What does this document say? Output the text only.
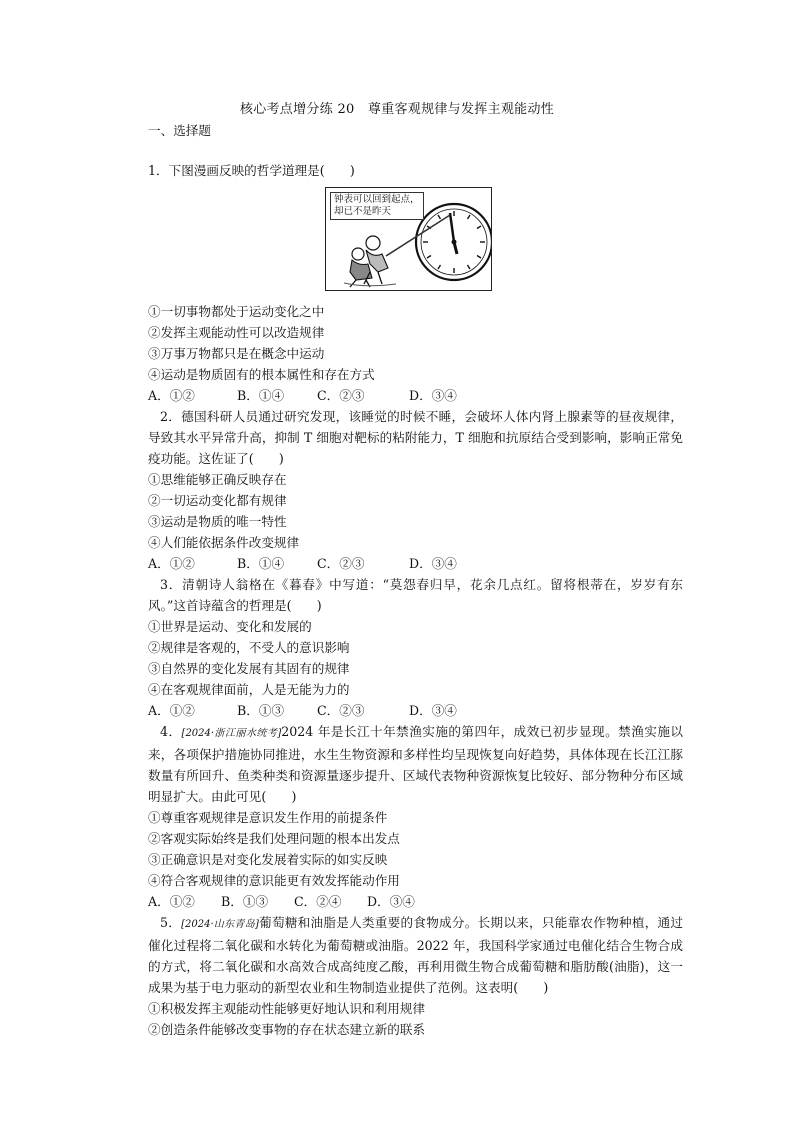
核心考点增分练 20　尊重客观规律与发挥主观能动性
一、选择题

1．下图漫画反映的哲学道理是(　　)

钟表可以回到起点，
却已不是昨天

①一切事物都处于运动变化之中

②发挥主观能动性可以改造规律

③万事万物都只是在概念中运动

④运动是物质固有的根本属性和存在方式

A．①②	B．①④	C．②③	D．③④

2．德国科研人员通过研究发现，该睡觉的时候不睡，会破坏人体内肾上腺素等的昼夜规律，导致其水平异常升高，抑制 T 细胞对靶标的粘附能力，T 细胞和抗原结合受到影响，影响正常免疫功能。这佐证了(　　)

①思维能够正确反映存在

②一切运动变化都有规律

③运动是物质的唯一特性

④人们能依据条件改变规律

A．①②	B．①④	C．②③	D．③④

3．清朝诗人翁格在《暮春》中写道：“莫怨春归早，花余几点红。留将根蒂在，岁岁有东风。”这首诗蕴含的哲理是(　　)

①世界是运动、变化和发展的

②规律是客观的，不受人的意识影响

③自然界的变化发展有其固有的规律

④在客观规律面前，人是无能为力的

A．①②	B．①③	C．②③	D．③④

4．[2024·浙江丽水统考]2024 年是长江十年禁渔实施的第四年，成效已初步显现。禁渔实施以来，各项保护措施协同推进，水生生物资源和多样性均呈现恢复向好趋势，具体体现在长江江豚数量有所回升、鱼类种类和资源量逐步提升、区域代表物种资源恢复比较好、部分物种分布区域明显扩大。由此可见(　　)

①尊重客观规律是意识发生作用的前提条件

②客观实际始终是我们处理问题的根本出发点

③正确意识是对变化发展着实际的如实反映

④符合客观规律的意识能更有效发挥能动作用

A．①②	B．①③	C．②④	D．③④

5．[2024·山东青岛]葡萄糖和油脂是人类重要的食物成分。长期以来，只能靠农作物种植，通过催化过程将二氧化碳和水转化为葡萄糖或油脂。2022 年，我国科学家通过电催化结合生物合成的方式，将二氧化碳和水高效合成高纯度乙酸，再利用微生物合成葡萄糖和脂肪酸(油脂)，这一成果为基于电力驱动的新型农业和生物制造业提供了范例。这表明(　　)

①积极发挥主观能动性能够更好地认识和利用规律

②创造条件能够改变事物的存在状态建立新的联系
